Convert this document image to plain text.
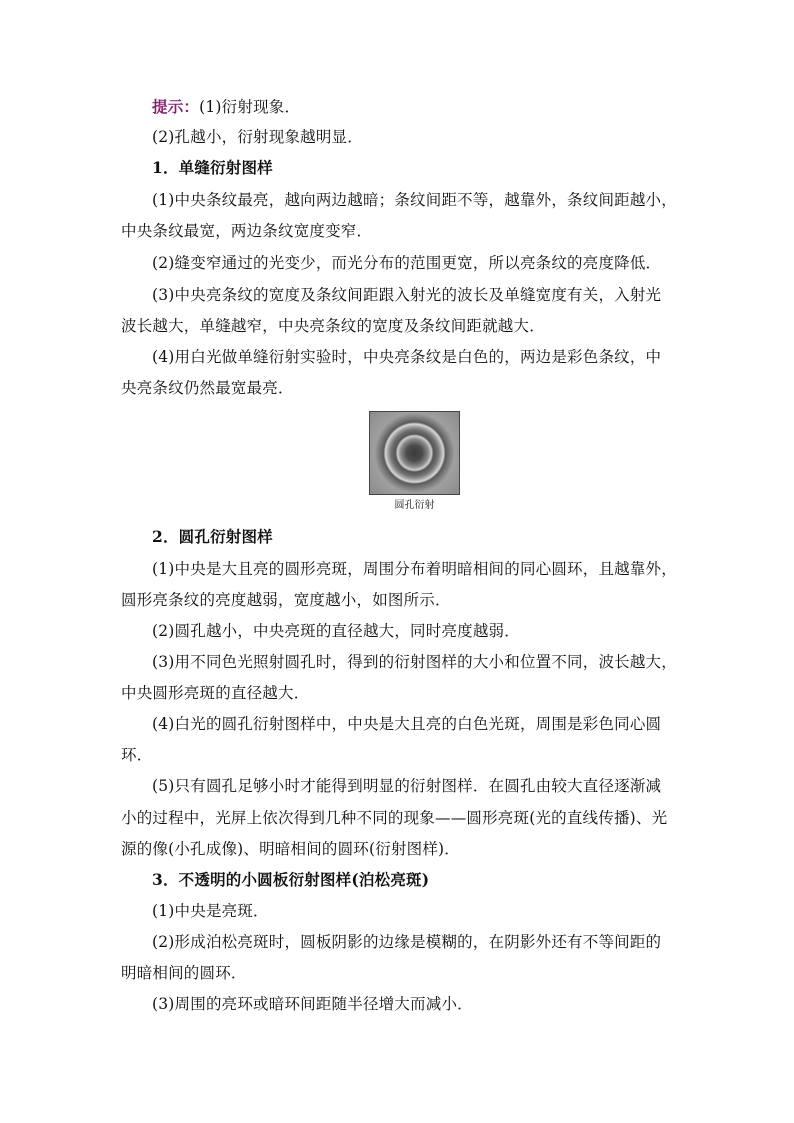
提示：(1)衍射现象．
(2)孔越小，衍射现象越明显．
1．单缝衍射图样
(1)中央条纹最亮，越向两边越暗；条纹间距不等，越靠外，条纹间距越小，
中央条纹最宽，两边条纹宽度变窄．
(2)缝变窄通过的光变少，而光分布的范围更宽，所以亮条纹的亮度降低．
(3)中央亮条纹的宽度及条纹间距跟入射光的波长及单缝宽度有关，入射光
波长越大，单缝越窄，中央亮条纹的宽度及条纹间距就越大．
(4)用白光做单缝衍射实验时，中央亮条纹是白色的，两边是彩色条纹，中
央亮条纹仍然最宽最亮．
圆孔衍射
2．圆孔衍射图样
(1)中央是大且亮的圆形亮斑，周围分布着明暗相间的同心圆环，且越靠外，
圆形亮条纹的亮度越弱，宽度越小，如图所示．
(2)圆孔越小，中央亮斑的直径越大，同时亮度越弱．
(3)用不同色光照射圆孔时，得到的衍射图样的大小和位置不同，波长越大，
中央圆形亮斑的直径越大．
(4)白光的圆孔衍射图样中，中央是大且亮的白色光斑，周围是彩色同心圆
环．
(5)只有圆孔足够小时才能得到明显的衍射图样．在圆孔由较大直径逐渐减
小的过程中，光屏上依次得到几种不同的现象——圆形亮斑(光的直线传播)、光
源的像(小孔成像)、明暗相间的圆环(衍射图样)．
3．不透明的小圆板衍射图样(泊松亮斑)
(1)中央是亮斑．
(2)形成泊松亮斑时，圆板阴影的边缘是模糊的，在阴影外还有不等间距的
明暗相间的圆环．
(3)周围的亮环或暗环间距随半径增大而减小．
